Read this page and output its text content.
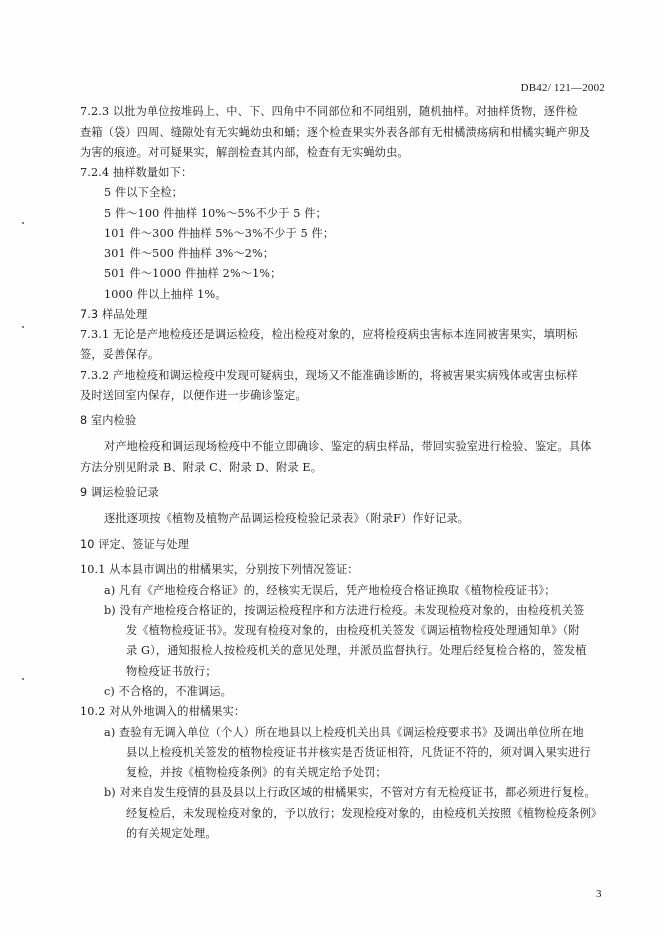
DB42/ 121—2002
7.2.3 以批为单位按堆码上、中、下、四角中不同部位和不同组别，随机抽样。对抽样货物，逐件检
查箱（袋）四周、缝隙处有无实蝇幼虫和蛹；逐个检查果实外表各部有无柑橘溃疡病和柑橘实蝇产卵及
为害的痕迹。对可疑果实，解剖检查其内部，检查有无实蝇幼虫。
7.2.4 抽样数量如下：
5 件以下全检；
5 件～100 件抽样 10%～5%不少于 5 件；
101 件～300 件抽样 5%～3%不少于 5 件；
301 件～500 件抽样 3%～2%；
501 件～1000 件抽样 2%～1%；
1000 件以上抽样 1%。
7.3 样品处理
7.3.1 无论是产地检疫还是调运检疫，检出检疫对象的，应将检疫病虫害标本连同被害果实，填明标
签，妥善保存。
7.3.2 产地检疫和调运检疫中发现可疑病虫，现场又不能准确诊断的，将被害果实病残体或害虫标样
及时送回室内保存，以便作进一步确诊鉴定。
8 室内检验
对产地检疫和调运现场检疫中不能立即确诊、鉴定的病虫样品，带回实验室进行检验、鉴定。具体
方法分别见附录 B、附录 C、附录 D、附录 E。
9 调运检验记录
逐批逐项按《植物及植物产品调运检疫检验记录表》（附录F）作好记录。
10 评定、签证与处理
10.1 从本县市调出的柑橘果实，分别按下列情况签证：
a) 凡有《产地检疫合格证》的，经核实无误后，凭产地检疫合格证换取《植物检疫证书》；
b) 没有产地检疫合格证的，按调运检疫程序和方法进行检疫。未发现检疫对象的，由检疫机关签
发《植物检疫证书》。发现有检疫对象的，由检疫机关签发《调运植物检疫处理通知单》（附
录 G），通知报检人按检疫机关的意见处理，并派员监督执行。处理后经复检合格的，签发植
物检疫证书放行；
c) 不合格的，不准调运。
10.2 对从外地调入的柑橘果实：
a) 查验有无调入单位（个人）所在地县以上检疫机关出具《调运检疫要求书》及调出单位所在地
县以上检疫机关签发的植物检疫证书并核实是否货证相符，凡货证不符的，须对调入果实进行
复检，并按《植物检疫条例》的有关规定给予处罚；
b) 对来自发生疫情的县及县以上行政区域的柑橘果实，不管对方有无检疫证书，都必须进行复检。
经复检后，未发现检疫对象的，予以放行；发现检疫对象的，由检疫机关按照《植物检疫条例》
的有关规定处理。
3
